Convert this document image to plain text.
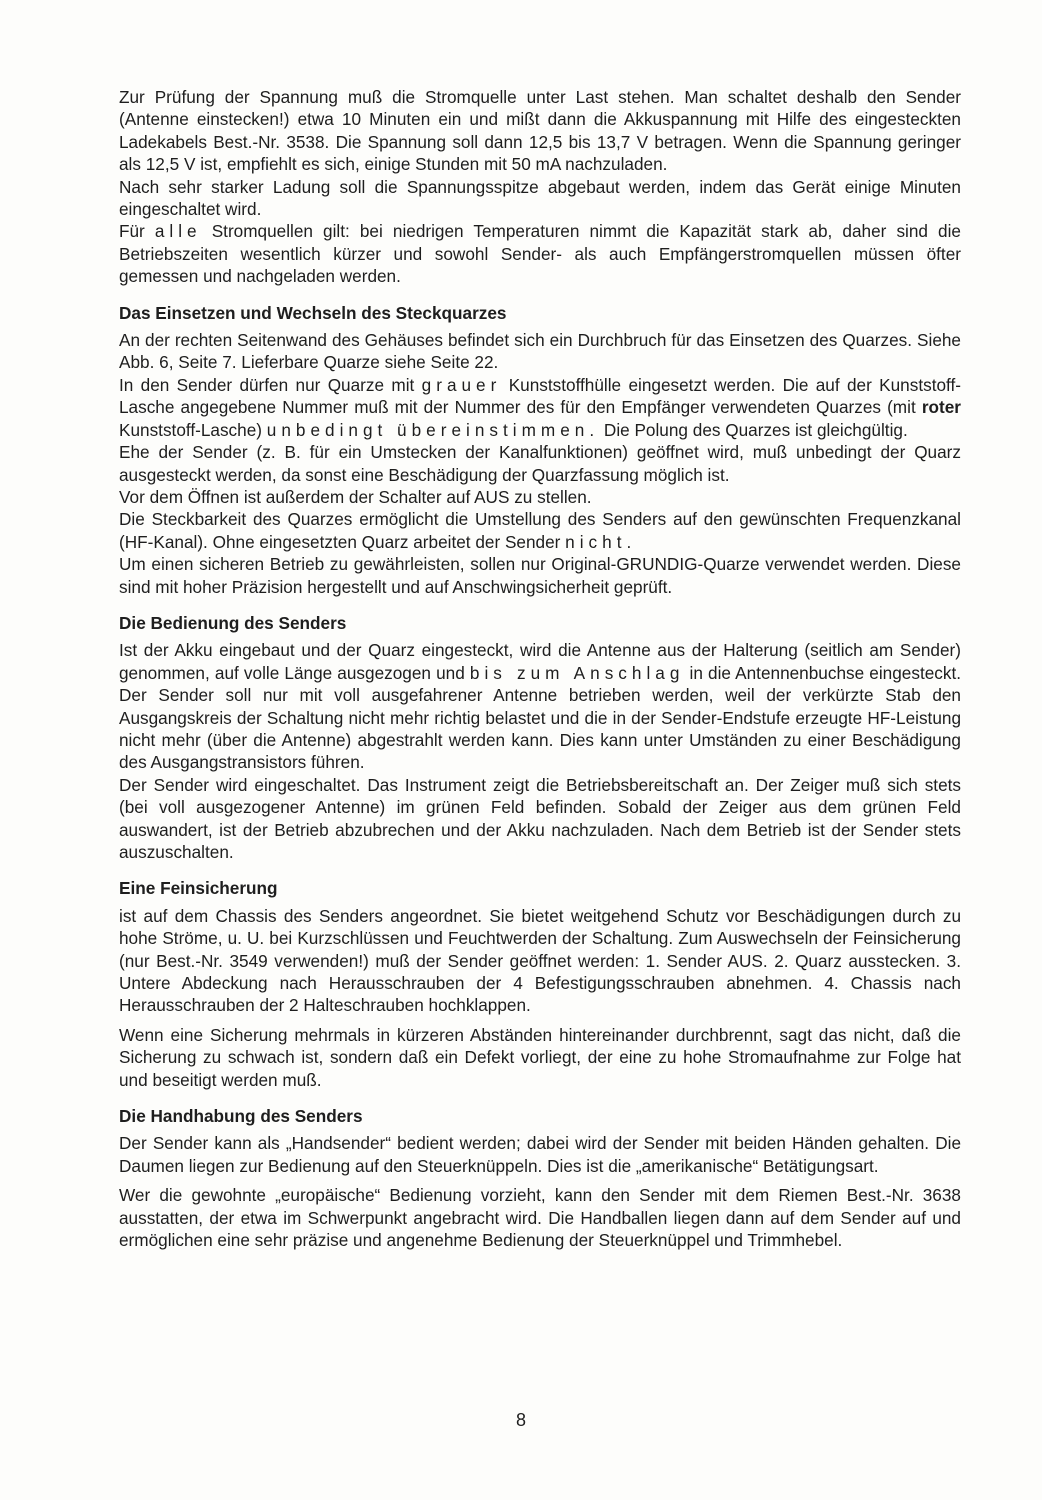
Zur Prüfung der Spannung muß die Stromquelle unter Last stehen. Man schaltet deshalb den Sender (Antenne einstecken!) etwa 10 Minuten ein und mißt dann die Akkuspannung mit Hilfe des eingesteckten Ladekabels Best.-Nr. 3538. Die Spannung soll dann 12,5 bis 13,7 V betragen. Wenn die Spannung geringer als 12,5 V ist, empfiehlt es sich, einige Stunden mit 50 mA nachzuladen.

Nach sehr starker Ladung soll die Spannungsspitze abgebaut werden, indem das Gerät einige Minuten eingeschaltet wird.

Für alle Stromquellen gilt: bei niedrigen Temperaturen nimmt die Kapazität stark ab, daher sind die Betriebszeiten wesentlich kürzer und sowohl Sender- als auch Empfängerstromquellen müssen öfter gemessen und nachgeladen werden.

Das Einsetzen und Wechseln des Steckquarzes

An der rechten Seitenwand des Gehäuses befindet sich ein Durchbruch für das Einsetzen des Quarzes. Siehe Abb. 6, Seite 7. Lieferbare Quarze siehe Seite 22.

In den Sender dürfen nur Quarze mit grauer Kunststoffhülle eingesetzt werden. Die auf der Kunststoff-Lasche angegebene Nummer muß mit der Nummer des für den Empfänger verwendeten Quarzes (mit roter Kunststoff-Lasche) unbedingt übereinstimmen. Die Polung des Quarzes ist gleichgültig.

Ehe der Sender (z. B. für ein Umstecken der Kanalfunktionen) geöffnet wird, muß unbedingt der Quarz ausgesteckt werden, da sonst eine Beschädigung der Quarzfassung möglich ist.

Vor dem Öffnen ist außerdem der Schalter auf AUS zu stellen.

Die Steckbarkeit des Quarzes ermöglicht die Umstellung des Senders auf den gewünschten Frequenzkanal (HF-Kanal). Ohne eingesetzten Quarz arbeitet der Sender nicht.

Um einen sicheren Betrieb zu gewährleisten, sollen nur Original-GRUNDIG-Quarze verwendet werden. Diese sind mit hoher Präzision hergestellt und auf Anschwingsicherheit geprüft.

Die Bedienung des Senders

Ist der Akku eingebaut und der Quarz eingesteckt, wird die Antenne aus der Halterung (seitlich am Sender) genommen, auf volle Länge ausgezogen und bis zum Anschlag in die Antennenbuchse eingesteckt. Der Sender soll nur mit voll ausgefahrener Antenne betrieben werden, weil der verkürzte Stab den Ausgangskreis der Schaltung nicht mehr richtig belastet und die in der Sender-Endstufe erzeugte HF-Leistung nicht mehr (über die Antenne) abgestrahlt werden kann. Dies kann unter Umständen zu einer Beschädigung des Ausgangstransistors führen.

Der Sender wird eingeschaltet. Das Instrument zeigt die Betriebsbereitschaft an. Der Zeiger muß sich stets (bei voll ausgezogener Antenne) im grünen Feld befinden. Sobald der Zeiger aus dem grünen Feld auswandert, ist der Betrieb abzubrechen und der Akku nachzuladen. Nach dem Betrieb ist der Sender stets auszuschalten.

Eine Feinsicherung

ist auf dem Chassis des Senders angeordnet. Sie bietet weitgehend Schutz vor Beschädigungen durch zu hohe Ströme, u. U. bei Kurzschlüssen und Feuchtwerden der Schaltung. Zum Auswechseln der Feinsicherung (nur Best.-Nr. 3549 verwenden!) muß der Sender geöffnet werden: 1. Sender AUS. 2. Quarz ausstecken. 3. Untere Abdeckung nach Herausschrauben der 4 Befestigungsschrauben abnehmen. 4. Chassis nach Herausschrauben der 2 Halteschrauben hochklappen.

Wenn eine Sicherung mehrmals in kürzeren Abständen hintereinander durchbrennt, sagt das nicht, daß die Sicherung zu schwach ist, sondern daß ein Defekt vorliegt, der eine zu hohe Stromaufnahme zur Folge hat und beseitigt werden muß.

Die Handhabung des Senders

Der Sender kann als „Handsender“ bedient werden; dabei wird der Sender mit beiden Händen gehalten. Die Daumen liegen zur Bedienung auf den Steuerknüppeln. Dies ist die „amerikanische“ Betätigungsart.

Wer die gewohnte „europäische“ Bedienung vorzieht, kann den Sender mit dem Riemen Best.-Nr. 3638 ausstatten, der etwa im Schwerpunkt angebracht wird. Die Handballen liegen dann auf dem Sender auf und ermöglichen eine sehr präzise und angenehme Bedienung der Steuerknüppel und Trimmhebel.

8
